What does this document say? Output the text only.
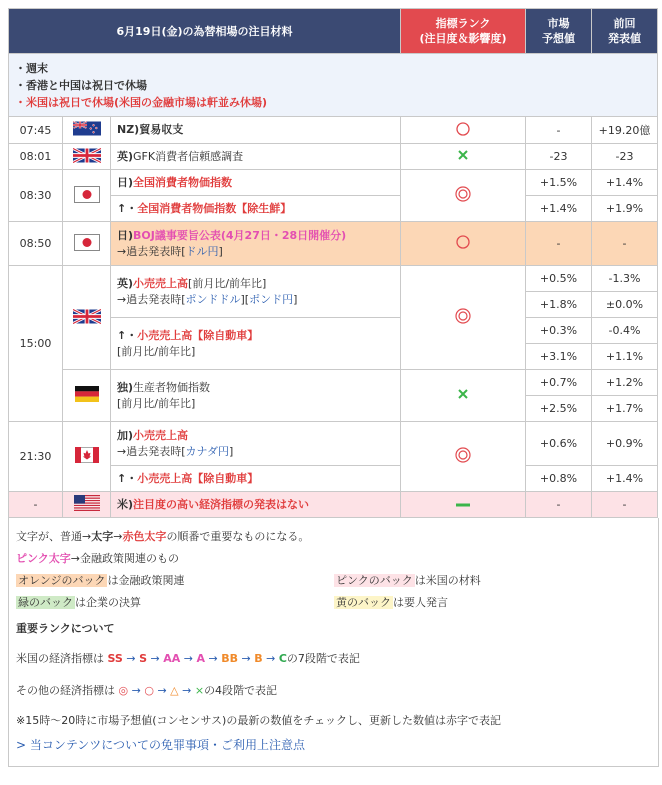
6月19日(金)の為替相場の注目材料			指標ランク
(注目度＆影響度)	市場
予想値	前回
発表値

・週末
・香港と中国は祝日で休場
・米国は祝日で休場(米国の金融市場は軒並み休場)					

07:45		NZ)貿易収支		-	+19.20億
08:01		英)GFK消費者信頼感調査		-23	-23
08:30		日)全国消費者物価指数		+1.5%	+1.4%
		↑・全国消費者物価指数【除生鮮】		+1.4%	+1.9%
08:50		日)BOJ議事要旨公表(4月27日・28日開催分)
→過去発表時[ドル円]		-	-
15:00		英)小売売上高[前月比/前年比]
→過去発表時[ポンドドル][ポンド円]		+0.5%	-1.3%
				+1.8%	±0.0%

		↑・小売売上高【除自動車】
[前月比/前年比]		+0.3%	-0.4%
				+3.1%	+1.1%

独)生産者物価指数
[前月比/前年比]		+0.7%	+1.2%
				+2.5%	+1.7%
21:30		加)小売売上高
→過去発表時[カナダ円]		+0.6%	+0.9%
		↑・小売売上高【除自動車】		+0.8%	+1.4%
-		米)注目度の高い経済指標の発表はない		-	-
文字が、普通→ 太字 → 赤色太字 の順番で重要なものになる。
ピンク太字 →金融政策関連のもの
オレンジのバック は金融政策関連	ピンクのバック は米国の材料
緑のバック は企業の決算	黄のバック は要人発言
重要ランクについて
米国の経済指標は
SS
→
S
→
AA
→
A
→
BB
→
B
→
C の7段階で表記
その他の経済指標は
◎
→
○
→
△
→
× の4段階で表記
※15時～20時に市場予想値(コンセンサス)の最新の数値をチェックし、更新した数値は赤字で表記
> 当コンテンツについての免罪事項・ご利用上注意点
